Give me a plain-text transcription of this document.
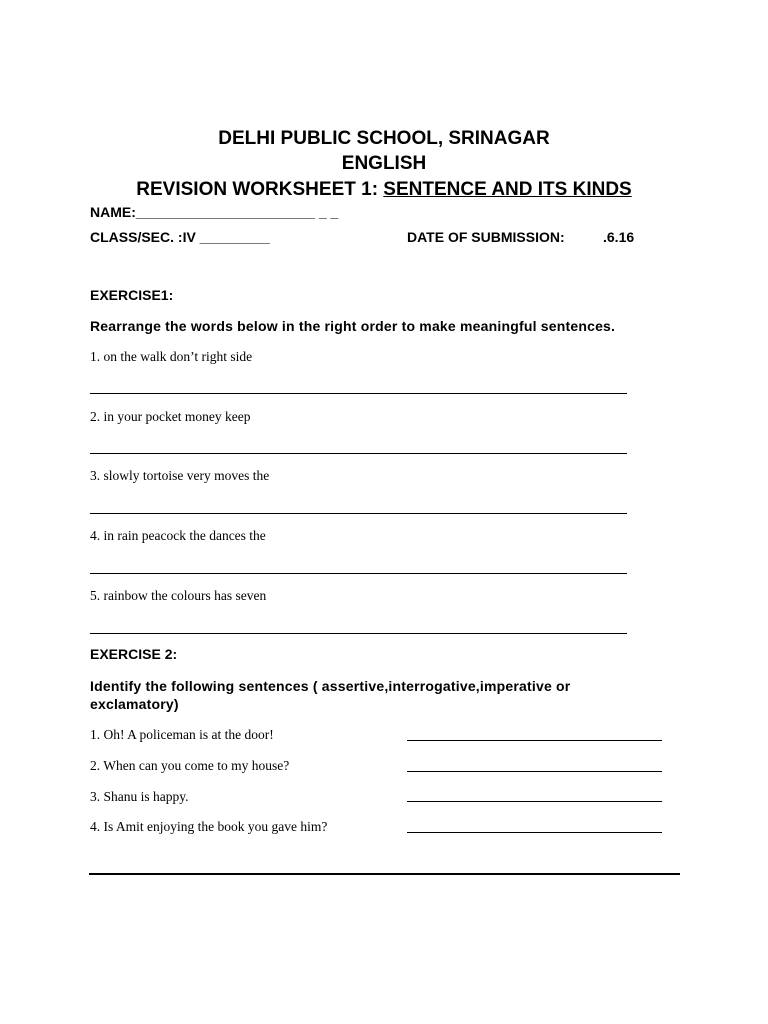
DELHI PUBLIC SCHOOL, SRINAGAR
ENGLISH
REVISION WORKSHEET 1: SENTENCE AND ITS KINDS
NAME:_______________________ _ _
CLASS/SEC. :IV _________	DATE OF SUBMISSION:	.6.16
EXERCISE1:
Rearrange the words below in the right order to make meaningful sentences.
1. on the walk don’t right side
2. in your pocket money keep
3. slowly tortoise very moves the
4. in rain peacock the dances the
5. rainbow the colours has seven
EXERCISE 2:
Identify the following sentences ( assertive,interrogative,imperative or
exclamatory)
1. Oh! A policeman is at the door!
2. When can you come to my house?
3. Shanu is happy.
4. Is Amit enjoying the book you gave him?
